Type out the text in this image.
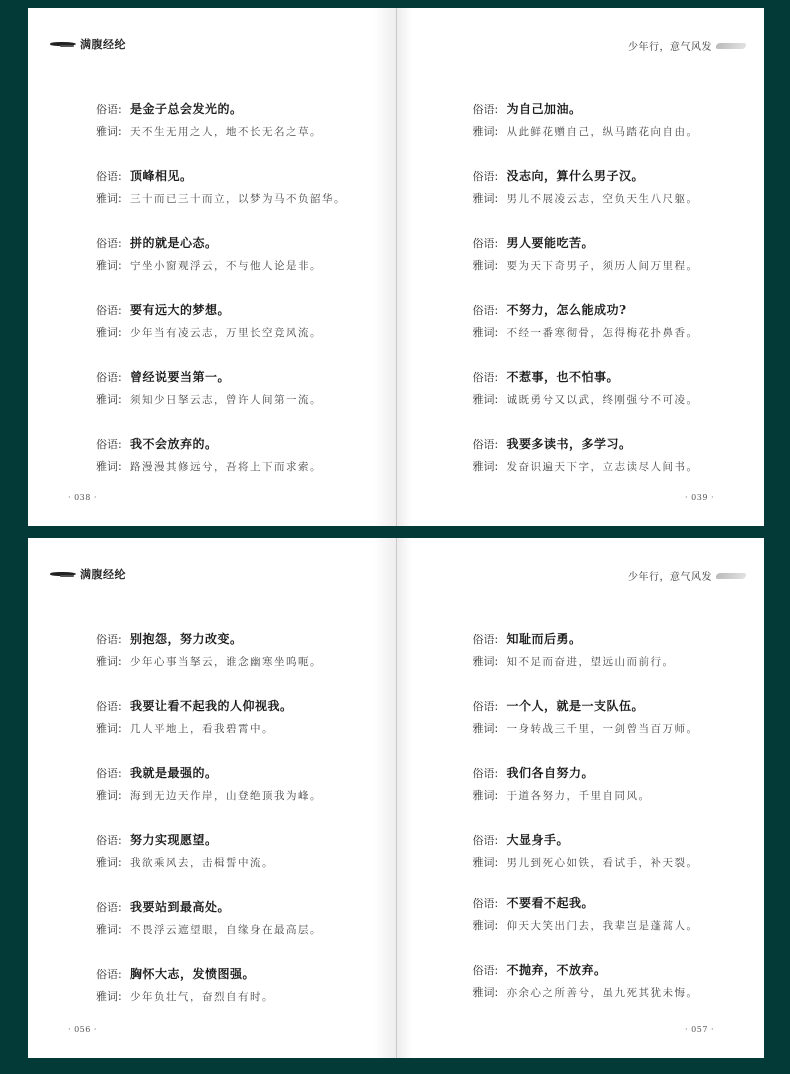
满腹经纶
俗语: 是金子总会发光的。
雅词: 天不生无用之人，地不长无名之草。
俗语: 顶峰相见。
雅词: 三十而已三十而立，以梦为马不负韶华。
俗语: 拼的就是心态。
雅词: 宁坐小窗观浮云，不与他人论是非。
俗语: 要有远大的梦想。
雅词: 少年当有凌云志，万里长空竞风流。
俗语: 曾经说要当第一。
雅词: 须知少日拏云志，曾许人间第一流。
俗语: 我不会放弃的。
雅词: 路漫漫其修远兮，吾将上下而求索。
· 038 ·
少年行，意气风发
俗语: 为自己加油。
雅词: 从此鲜花赠自己，纵马踏花向自由。
俗语: 没志向，算什么男子汉。
雅词: 男儿不展凌云志，空负天生八尺躯。
俗语: 男人要能吃苦。
雅词: 要为天下奇男子，须历人间万里程。
俗语: 不努力，怎么能成功?
雅词: 不经一番寒彻骨，怎得梅花扑鼻香。
俗语: 不惹事，也不怕事。
雅词: 诚既勇兮又以武，终刚强兮不可凌。
俗语: 我要多读书，多学习。
雅词: 发奋识遍天下字，立志读尽人间书。
· 039 ·
满腹经纶
俗语: 别抱怨，努力改变。
雅词: 少年心事当拏云，谁念幽寒坐呜呃。
俗语: 我要让看不起我的人仰视我。
雅词: 几人平地上，看我碧霄中。
俗语: 我就是最强的。
雅词: 海到无边天作岸，山登绝顶我为峰。
俗语: 努力实现愿望。
雅词: 我欲乘风去，击楫誓中流。
俗语: 我要站到最高处。
雅词: 不畏浮云遮望眼，自缘身在最高层。
俗语: 胸怀大志，发愤图强。
雅词: 少年负壮气，奋烈自有时。
· 056 ·
少年行，意气风发
俗语: 知耻而后勇。
雅词: 知不足而奋进，望远山而前行。
俗语: 一个人，就是一支队伍。
雅词: 一身转战三千里，一剑曾当百万师。
俗语: 我们各自努力。
雅词: 于道各努力，千里自同风。
俗语: 大显身手。
雅词: 男儿到死心如铁，看试手，补天裂。
俗语: 不要看不起我。
雅词: 仰天大笑出门去，我辈岂是蓬蒿人。
俗语: 不抛弃，不放弃。
雅词: 亦余心之所善兮，虽九死其犹未悔。
· 057 ·
